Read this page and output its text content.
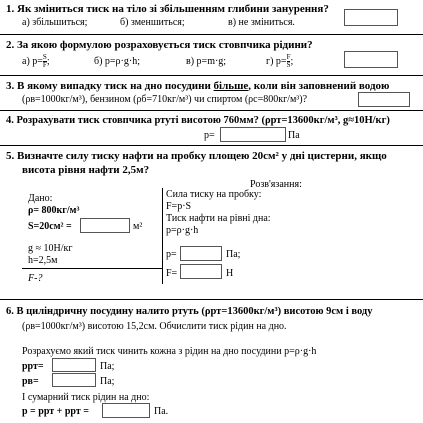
1. Як зміниться тиск на тіло зі збільшенням глибини занурення?
а) збільшиться;	б) зменшиться;	в) не зміниться.
2. За якою формулою розраховується тиск стовпчика рідини?
а) $p= \frac{S}{F}$ ;	б) p=ρ·g·h;	в) p=m·g;	г) $p= \frac{F}{S}$ ;
3. В якому випадку тиск на дно посудини більше, коли він заповнений водою
(ρв=1000кг/м³), бензином (ρб=710кг/м³) чи спиртом (ρс=800кг/м³)?
4. Розрахувати тиск стовпчика ртуті висотою 760мм? (ρрт=13600кг/м³, g≈10Н/кг)
p=	Па
5. Визначте силу тиску нафти на пробку площею 20см² у дні цистерни, якщо
висота рівня нафти 2,5м?
Розв'язання:
Дано:
ρ= 800кг/м³
S=20см² =	м²
g ≈ 10Н/кг
h=2,5м
F-?
Сила тиску на пробку:
F=p·S
Тиск нафти на рівні дна:
p=ρ·g·h
p=	Па;
F=	Н
6. В циліндричну посудину налито ртуть (ρрт=13600кг/м³) висотою 9см і воду
(ρв=1000кг/м³) висотою 15,2см. Обчислити тиск рідин на дно.
Розрахуємо який тиск чинить кожна з рідин на дно посудини p=ρ·g·h
pрт=	Па;
pв=	Па;
І сумарний тиск рідин на дно:
p = pрт + pрт =	Па.
